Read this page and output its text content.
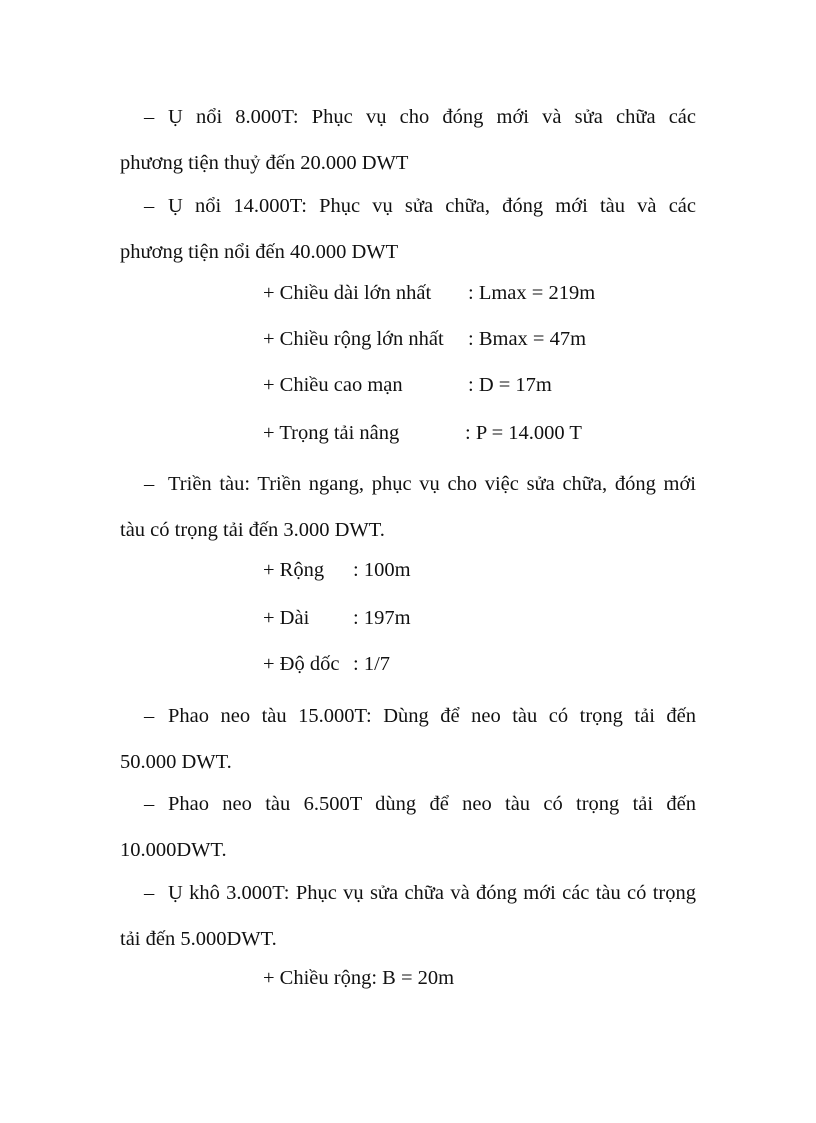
– Ụ nổi 8.000T: Phục vụ cho đóng mới và sửa chữa các
phương tiện thuỷ đến 20.000 DWT
– Ụ nổi 14.000T: Phục vụ sửa chữa, đóng mới tàu và các
phương tiện nổi đến 40.000 DWT
+ Chiều dài lớn nhất : Lmax = 219m
+ Chiều rộng lớn nhất : Bmax = 47m
+ Chiều cao mạn	: D = 17m
+ Trọng tải nâng	: P = 14.000 T
– Triền tàu: Triền ngang, phục vụ cho việc sửa chữa, đóng mới
tàu có trọng tải đến 3.000 DWT.
+ Rộng : 100m
+ Dài : 197m
+ Độ dốc : 1/7
– Phao neo tàu 15.000T: Dùng để neo tàu có trọng tải đến
50.000 DWT.
– Phao neo tàu 6.500T dùng để neo tàu có trọng tải đến
10.000DWT.
– Ụ khô 3.000T: Phục vụ sửa chữa và đóng mới các tàu có trọng
tải đến 5.000DWT.
+ Chiều rộng: B = 20m
